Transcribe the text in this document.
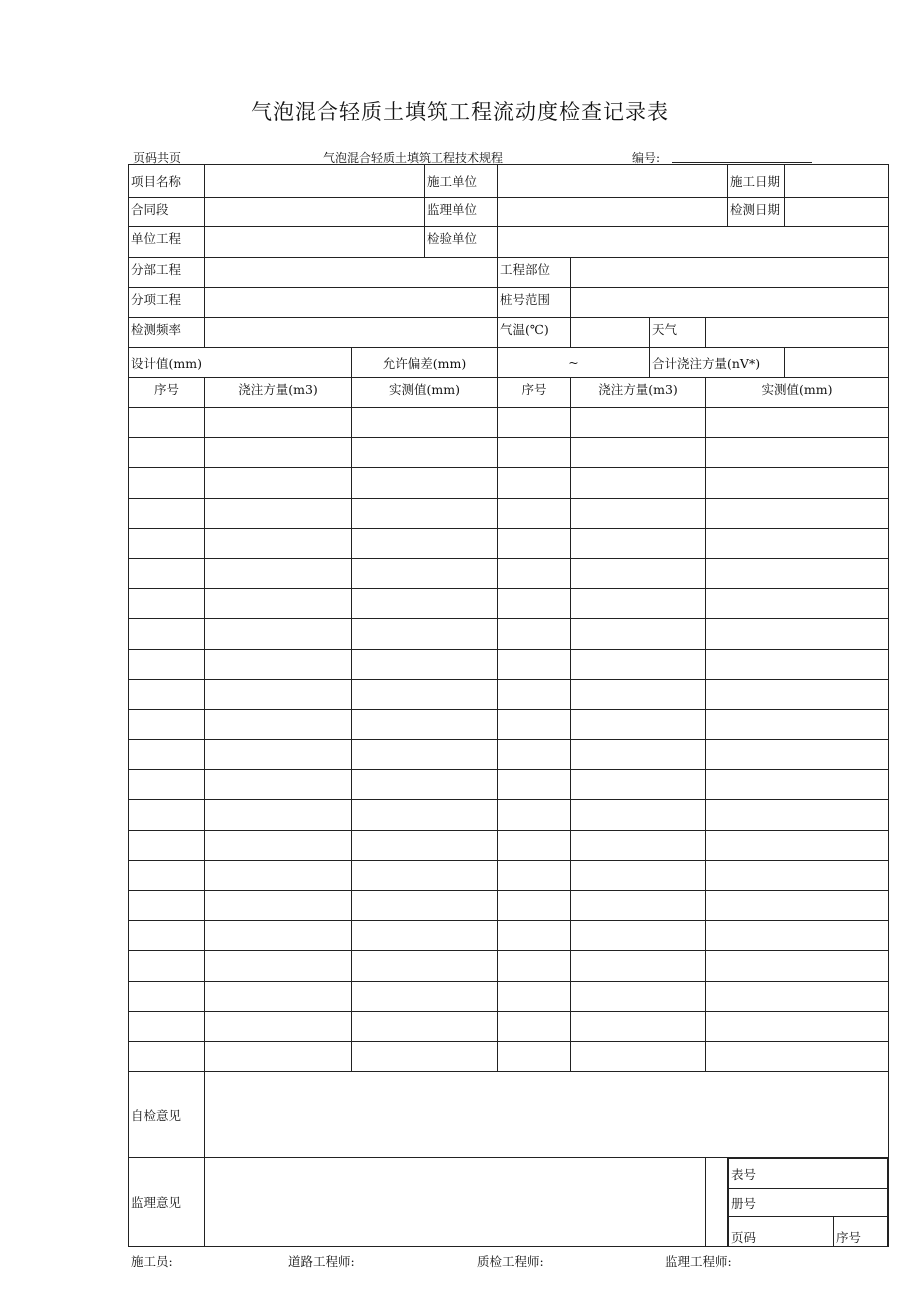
气泡混合轻质土填筑工程流动度检查记录表
页码共页	气泡混合轻质土填筑工程技术规程	编号:
项目名称		施工单位		施工日期	
合同段		监理单位		检测日期	
单位工程		检验单位	
分部工程		工程部位	
分项工程		桩号范围	
检测频率		气温(℃)		天气	
设计值(mm)	允许偏差(mm)	~	合计浇注方量(nV*)	
序号	浇注方量(m3)	实测值(mm)	序号	浇注方量(m3)	实测值(mm)

自检意见	
监理意见			
表号
册号
页码	序号
施工员:	道路工程师:	质检工程师:	监理工程师:
